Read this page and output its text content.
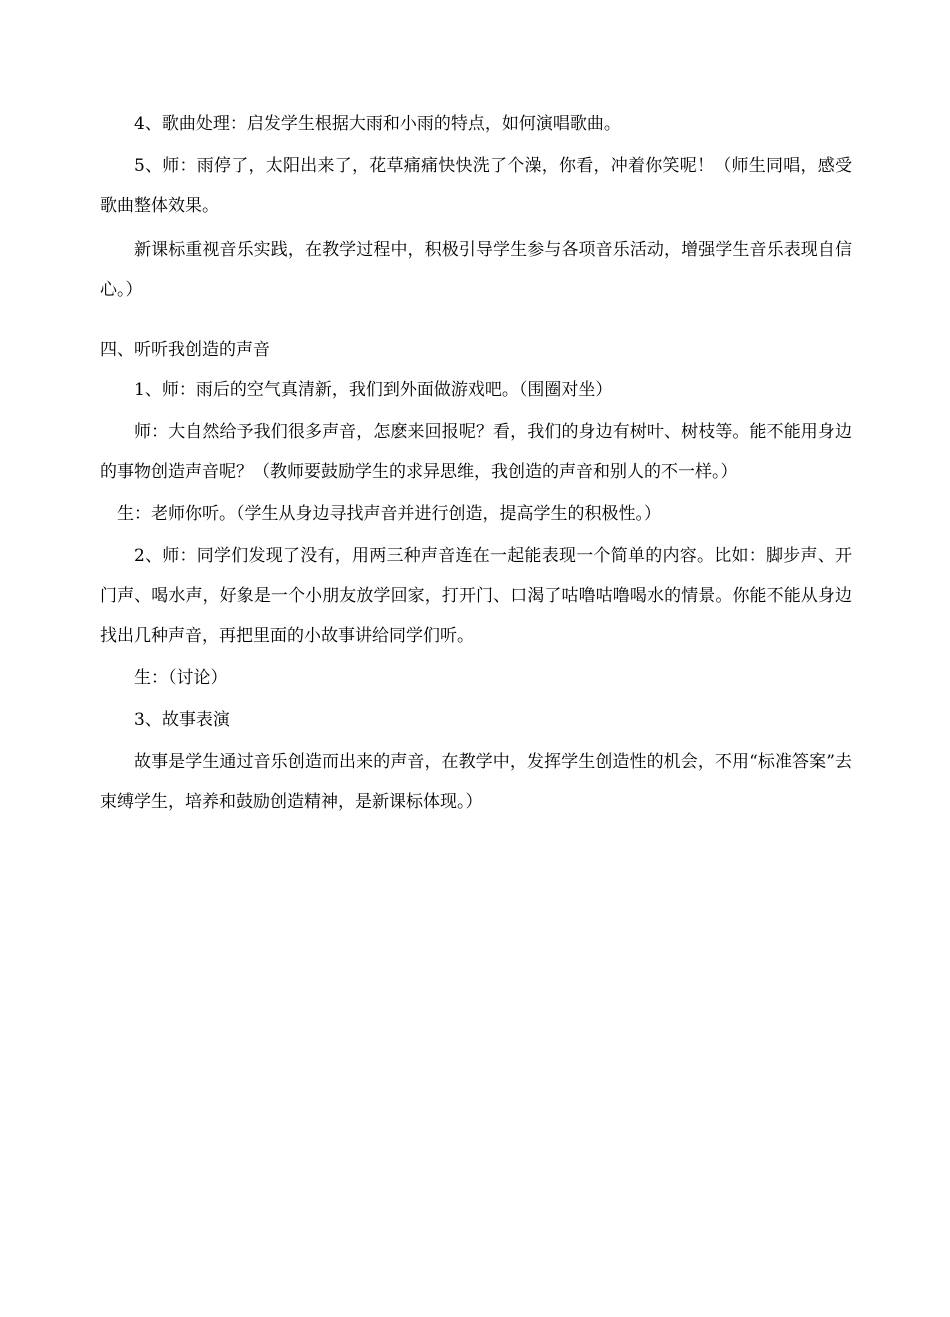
4、歌曲处理：启发学生根据大雨和小雨的特点，如何演唱歌曲。

5、师：雨停了，太阳出来了，花草痛痛快快洗了个澡，你看，冲着你笑呢！（师生同唱，感受歌曲整体效果。

新课标重视音乐实践，在教学过程中，积极引导学生参与各项音乐活动，增强学生音乐表现自信心。）

四、听听我创造的声音

1、师：雨后的空气真清新，我们到外面做游戏吧。（围圈对坐）

师：大自然给予我们很多声音，怎麽来回报呢？看，我们的身边有树叶、树枝等。能不能用身边的事物创造声音呢？（教师要鼓励学生的求异思维，我创造的声音和别人的不一样。）

生：老师你听。（学生从身边寻找声音并进行创造，提高学生的积极性。）

2、师：同学们发现了没有，用两三种声音连在一起能表现一个简单的内容。比如：脚步声、开门声、喝水声，好象是一个小朋友放学回家，打开门、口渴了咕噜咕噜喝水的情景。你能不能从身边找出几种声音，再把里面的小故事讲给同学们听。

生：（讨论）

3、故事表演

故事是学生通过音乐创造而出来的声音，在教学中，发挥学生创造性的机会，不用“标准答案”去束缚学生，培养和鼓励创造精神，是新课标体现。）
